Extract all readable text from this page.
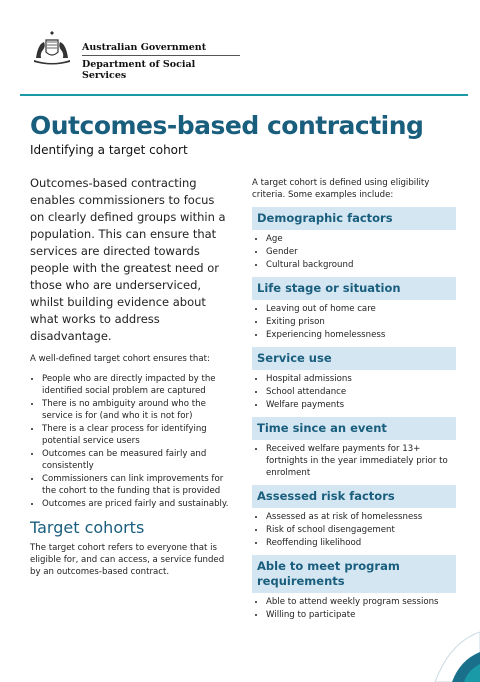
Australian Government
Department of Social Services
Outcomes-based contracting
Identifying a target cohort

Outcomes-based contracting enables commissioners to focus on clearly defined groups within a population. This can ensure that services are directed towards people with the greatest need or those who are underserviced, whilst building evidence about what works to address disadvantage.

A well-defined target cohort ensures that:

• People who are directly impacted by the identified social problem are captured
• There is no ambiguity around who the service is for (and who it is not for)
• There is a clear process for identifying potential service users
• Outcomes can be measured fairly and consistently
• Commissioners can link improvements for the cohort to the funding that is provided
• Outcomes are priced fairly and sustainably.
Target cohorts

The target cohort refers to everyone that is eligible for, and can access, a service funded by an outcomes-based contract.

A target cohort is defined using eligibility criteria. Some examples include:

Demographic factors
• Age
• Gender
• Cultural background
Life stage or situation
• Leaving out of home care
• Exiting prison
• Experiencing homelessness
Service use
• Hospital admissions
• School attendance
• Welfare payments
Time since an event
• Received welfare payments for 13+ fortnights in the year immediately prior to enrolment
Assessed risk factors
• Assessed as at risk of homelessness
• Risk of school disengagement
• Reoffending likelihood
Able to meet program requirements
• Able to attend weekly program sessions
• Willing to participate
